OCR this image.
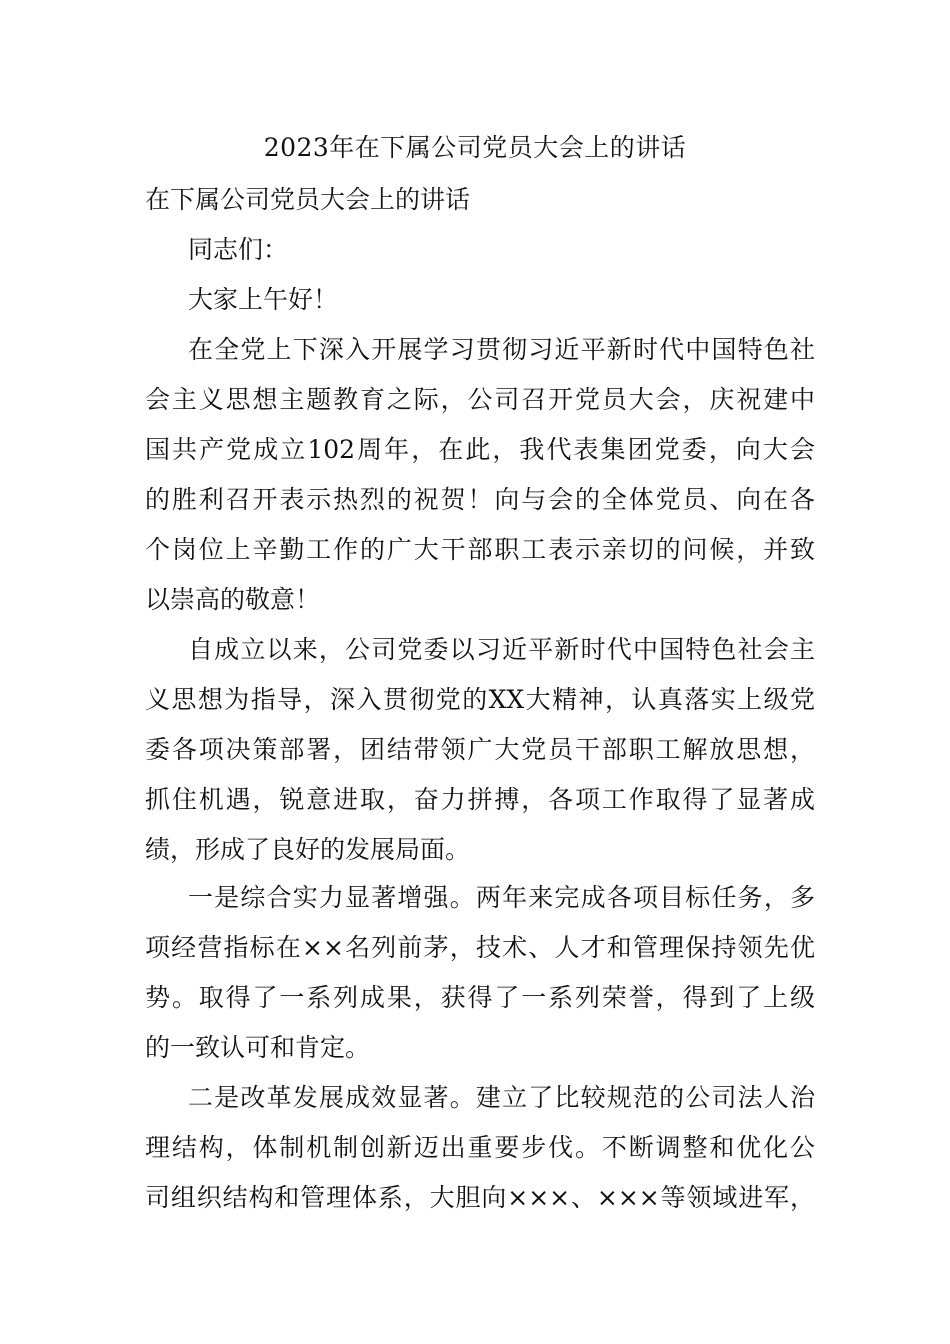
2023年在下属公司党员大会上的讲话
在下属公司党员大会上的讲话
同志们：
大家上午好！
在全党上下深入开展学习贯彻习近平新时代中国特色社
会主义思想主题教育之际，公司召开党员大会，庆祝建中
国共产党成立102周年，在此，我代表集团党委，向大会
的胜利召开表示热烈的祝贺！向与会的全体党员、向在各
个岗位上辛勤工作的广大干部职工表示亲切的问候，并致
以崇高的敬意！
自成立以来，公司党委以习近平新时代中国特色社会主
义思想为指导，深入贯彻党的XX大精神，认真落实上级党
委各项决策部署，团结带领广大党员干部职工解放思想，
抓住机遇，锐意进取，奋力拼搏，各项工作取得了显著成
绩，形成了良好的发展局面。
一是综合实力显著增强。两年来完成各项目标任务，多
项经营指标在××名列前茅，技术、人才和管理保持领先优
势。取得了一系列成果，获得了一系列荣誉，得到了上级
的一致认可和肯定。
二是改革发展成效显著。建立了比较规范的公司法人治
理结构，体制机制创新迈出重要步伐。不断调整和优化公
司组织结构和管理体系，大胆向×××、×××等领域进军，
